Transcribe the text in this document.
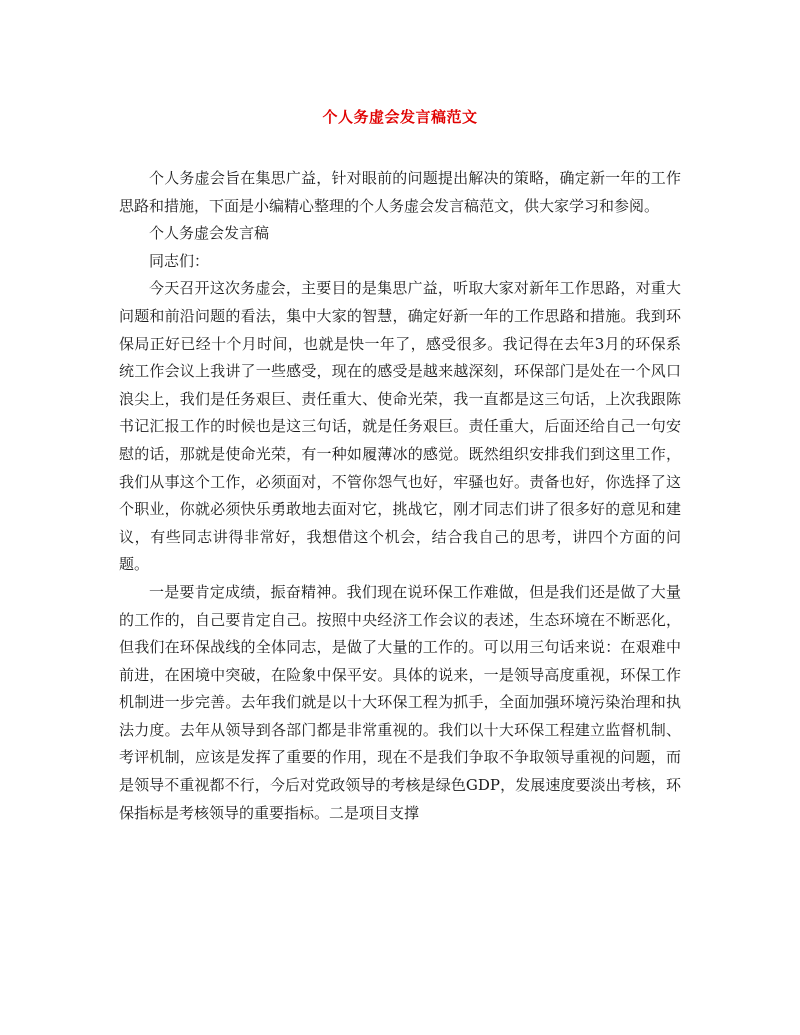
个人务虚会发言稿范文

个人务虚会旨在集思广益，针对眼前的问题提出解决的策略，确定新一年的工作思路和措施，下面是小编精心整理的个人务虚会发言稿范文，供大家学习和参阅。

个人务虚会发言稿

同志们：

今天召开这次务虚会，主要目的是集思广益，听取大家对新年工作思路，对重大问题和前沿问题的看法，集中大家的智慧，确定好新一年的工作思路和措施。我到环保局正好已经十个月时间，也就是快一年了，感受很多。我记得在去年3月的环保系统工作会议上我讲了一些感受，现在的感受是越来越深刻，环保部门是处在一个风口浪尖上，我们是任务艰巨、责任重大、使命光荣，我一直都是这三句话，上次我跟陈书记汇报工作的时候也是这三句话，就是任务艰巨。责任重大，后面还给自己一句安慰的话，那就是使命光荣，有一种如履薄冰的感觉。既然组织安排我们到这里工作，我们从事这个工作，必须面对，不管你怨气也好，牢骚也好。责备也好，你选择了这个职业，你就必须快乐勇敢地去面对它，挑战它，刚才同志们讲了很多好的意见和建议，有些同志讲得非常好，我想借这个机会，结合我自己的思考，讲四个方面的问题。

一是要肯定成绩，振奋精神。我们现在说环保工作难做，但是我们还是做了大量的工作的，自己要肯定自己。按照中央经济工作会议的表述，生态环境在不断恶化，但我们在环保战线的全体同志，是做了大量的工作的。可以用三句话来说：在艰难中前进，在困境中突破，在险象中保平安。具体的说来，一是领导高度重视，环保工作机制进一步完善。去年我们就是以十大环保工程为抓手，全面加强环境污染治理和执法力度。去年从领导到各部门都是非常重视的。我们以十大环保工程建立监督机制、考评机制，应该是发挥了重要的作用，现在不是我们争取不争取领导重视的问题，而是领导不重视都不行，今后对党政领导的考核是绿色GDP，发展速度要淡出考核，环保指标是考核领导的重要指标。二是项目支撑
